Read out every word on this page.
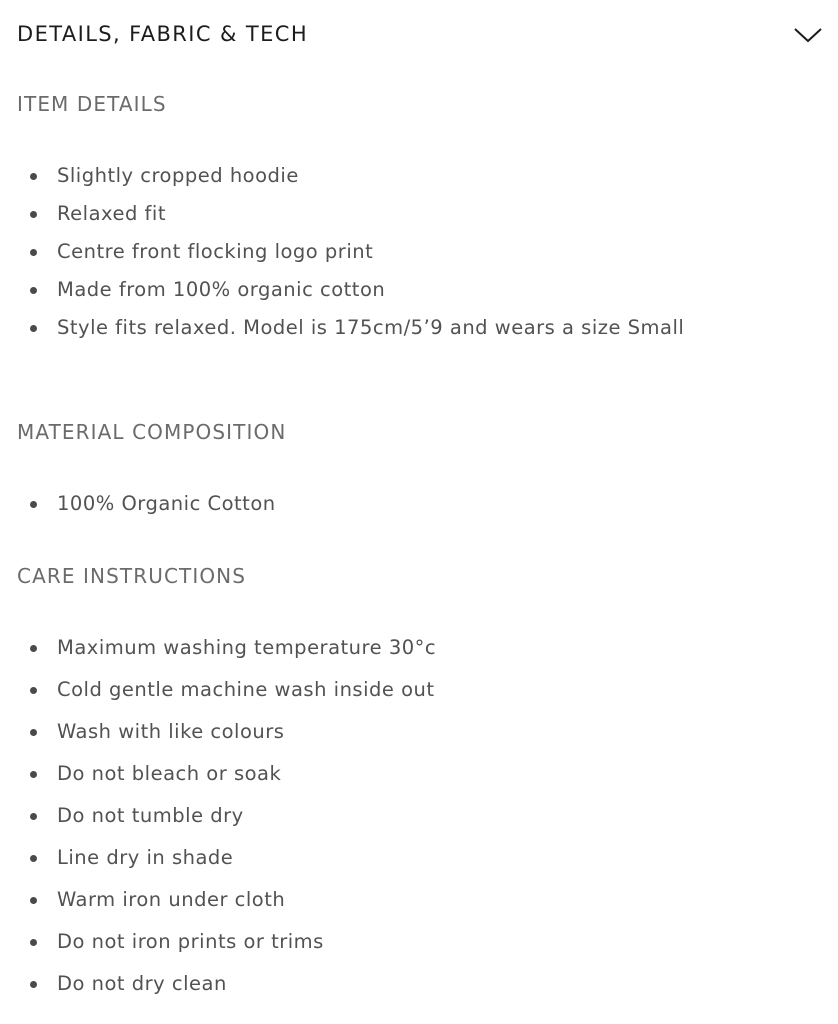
DETAILS, FABRIC & TECH
ITEM DETAILS
Slightly cropped hoodie
Relaxed fit
Centre front flocking logo print
Made from 100% organic cotton
Style fits relaxed. Model is 175cm/5’9 and wears a size Small
MATERIAL COMPOSITION
100% Organic Cotton
CARE INSTRUCTIONS
Maximum washing temperature 30°c
Cold gentle machine wash inside out
Wash with like colours
Do not bleach or soak
Do not tumble dry
Line dry in shade
Warm iron under cloth
Do not iron prints or trims
Do not dry clean
